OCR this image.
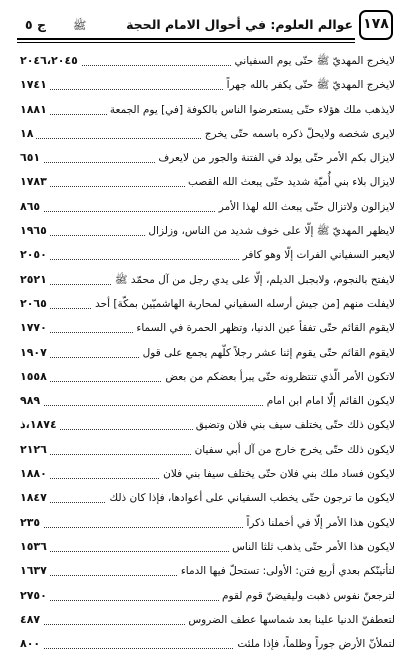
١٧٨
عوالم العلوم: في أحوال الامام الحجة
ﷺ
ج ٥
٢٠٤٦،٢٠٤٥	لايخرج المهديّ ﷺ حتّى يوم السفياني
١٧٤١	لايخرج المهديّ ﷺ حتّى يكفر بالله جهراً
١٨٨١	لايذهب ملك هؤلاء حتّى يستعرضوا الناس بالكوفة [في] يوم الجمعة
١٨	لايرى شخصه ولايحلّ ذكره باسمه حتّى يخرج
٦٥١	لايزال بكم الأمر حتّى يولد في الفتنة والجور من لايعرف
١٧٨٣	لايزال بلاء بني أُميّة شديد حتّى يبعث الله القصب
٨٦٥	لايزالون ولاتزال حتّى يبعث الله لهذا الأمر
١٩٦٥	لايظهر المهديّ ﷺ إلّا على خوف شديد من الناس، وزلزال
٢٠٥٠	لايعبر السفياني الفرات إلّا وهو كافر
٢٥٢١	لايفتح بالنجوم، ولابجبل الديلم، إلّا على يدي رجل من آل محمّد ﷺ
٢٠٦٥	لايفلت منهم [من جيش أرسله السفياني لمحاربة الهاشميّين بمكّة] أحد
١٧٧٠	لايقوم القائم حتّى تفقأ عين الدنيا، وتظهر الحمرة في السماء
١٩٠٧	لايقوم القائم حتّى يقوم إثنا عشر رجلاً كلّهم يجمع على قول
١٥٥٨	لاتكون الأمر الّذي تنتظرونه حتّى يبرأ بعضكم من بعض
٩٨٩	لايكون القائم إلّا امام ابن امام
١٨٧٤،ذ	لايكون ذلك حتّى يختلف سيف بني فلان وتضيق
٢١٢٦	لايكون ذلك حتّى يخرج خارج من آل أبي سفيان
١٨٨٠	لايكون فساد ملك بني فلان حتّى يختلف سيفا بني فلان
١٨٤٧	لايكون ما ترجون حتّى يخطب السفياني على أعوادها، فإذا كان ذلك
٢٣٥	لايكون هذا الأمر إلّا في أخملنا ذكراً
١٥٣٦	لايكون هذا الأمر حتّى يذهب ثلثا الناس
١٦٣٧	لتأتينّكم بعدي أربع فتن: الأولى: تستحلّ فيها الدماء
٢٧٥٠	لترجعنّ نفوس ذهبت وليقيضنّ قوم لقوم
٤٨٧	لتعطفنّ الدنيا علينا بعد شماسها عطف الضروس
٨٠٠	لتملأنّ الأرض جوراً وظلماً، فإذا ملئت
